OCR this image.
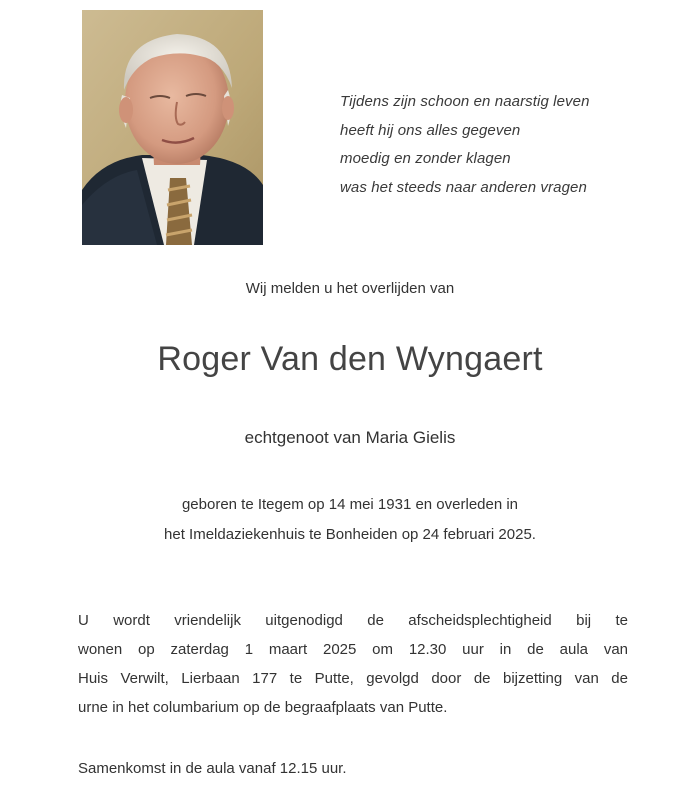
Tijdens zijn schoon en naarstig leven
heeft hij ons alles gegeven
moedig en zonder klagen
was het steeds naar anderen vragen
Wij melden u het overlijden van
Roger Van den Wyngaert
echtgenoot van Maria Gielis
geboren te Itegem op 14 mei 1931 en overleden in
het Imeldaziekenhuis te Bonheiden op 24 februari 2025.
U wordt vriendelijk uitgenodigd de afscheidsplechtigheid bij te
wonen op zaterdag 1 maart 2025 om 12.30 uur in de aula van
Huis Verwilt, Lierbaan 177 te Putte, gevolgd door de bijzetting van de
urne in het columbarium op de begraafplaats van Putte.
Samenkomst in de aula vanaf 12.15 uur.
